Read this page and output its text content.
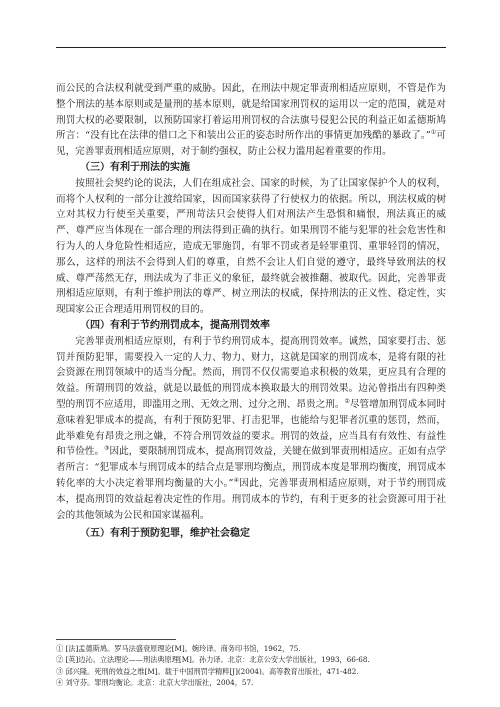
而公民的合法权利就受到严重的威胁。因此，在刑法中规定罪责刑相适应原则，不管是作为整个刑法的基本原则或是量刑的基本原则，就是给国家刑罚权的运用以一定的范围，就是对刑罚大权的必要限制，以预防国家打着运用刑罚权的合法旗号侵犯公民的利益正如孟德斯鸠所言：“没有比在法律的借口之下和装出公正的姿态时所作出的事情更加残酷的暴政了。”①可见，完善罪责刑相适应原则，对于制约强权，防止公权力滥用起着重要的作用。

（三）有利于刑法的实施

按照社会契约论的说法，人们在组成社会、国家的时候，为了让国家保护个人的权利，而将个人权利的一部分让渡给国家，因而国家获得了行使权力的依据。所以，刑法权威的树立对其权力行使至关重要，严刑苛法只会使得人们对刑法产生恐惧和痛恨，刑法真正的威严、尊严应当体现在一部合理的刑法得到正确的执行。如果刑罚不能与犯罪的社会危害性和行为人的人身危险性相适应，造成无罪施罚，有罪不罚或者是轻罪重罚、重罪轻罚的情况，那么，这样的刑法不会得到人们的尊重，自然不会让人们自觉的遵守，最终导致刑法的权威、尊严荡然无存，刑法成为了非正义的象征，最终就会被推翻、被取代。因此，完善罪责刑相适应原则，有利于维护刑法的尊严、树立刑法的权威，保持刑法的正义性、稳定性，实现国家公正合理适用刑罚权的目的。

（四）有利于节约刑罚成本，提高刑罚效率

完善罪责刑相适应原则，有利于节约刑罚成本，提高刑罚效率。诚然，国家要打击、惩罚并预防犯罪，需要投入一定的人力、物力、财力，这就是国家的刑罚成本，是将有限的社会资源在刑罚领域中的适当分配。然而，刑罚不仅仅需要追求积极的效果，更应具有合理的效益。所谓刑罚的效益，就是以最低的刑罚成本换取最大的刑罚效果。边沁曾指出有四种类型的刑罚不应适用，即滥用之刑、无效之刑、过分之刑、昂贵之刑。②尽管增加刑罚成本同时意味着犯罪成本的提高，有利于预防犯罪、打击犯罪，也能给与犯罪者沉重的惩罚，然而，此举难免有昂贵之刑之嫌，不符合刑罚效益的要求。刑罚的效益，应当具有有效性、有益性和节俭性。③因此，要限制刑罚成本，提高刑罚效益，关键在做到罪责刑相适应。正如有点学者所言：“犯罪成本与刑罚成本的结合点是罪刑均衡点，刑罚成本度是罪刑均衡度，刑罚成本转化率的大小决定着罪刑均衡量的大小。”④因此，完善罪责刑相适应原则，对于节约刑罚成本，提高刑罚的效益起着决定性的作用。刑罚成本的节约，有利于更多的社会资源可用于社会的其他领域为公民和国家谋福利。

（五）有利于预防犯罪，维护社会稳定

① [法]孟德斯鸠。罗马法盛衰原理论[M]。婉玲译。商务印书馆，1962，75.

② [英]边沁。立法理论——刑法典原理[M]。孙力译。北京：北京公安大学出版社，1993，66-68.

③ 邱兴隆。死刑的效益之维[M]。载于中国刑罚学精粹[J](2004)。高等教育出版社，471-482.

④ 刘守芬。罪刑均衡论。北京：北京大学出版社，2004，57.
